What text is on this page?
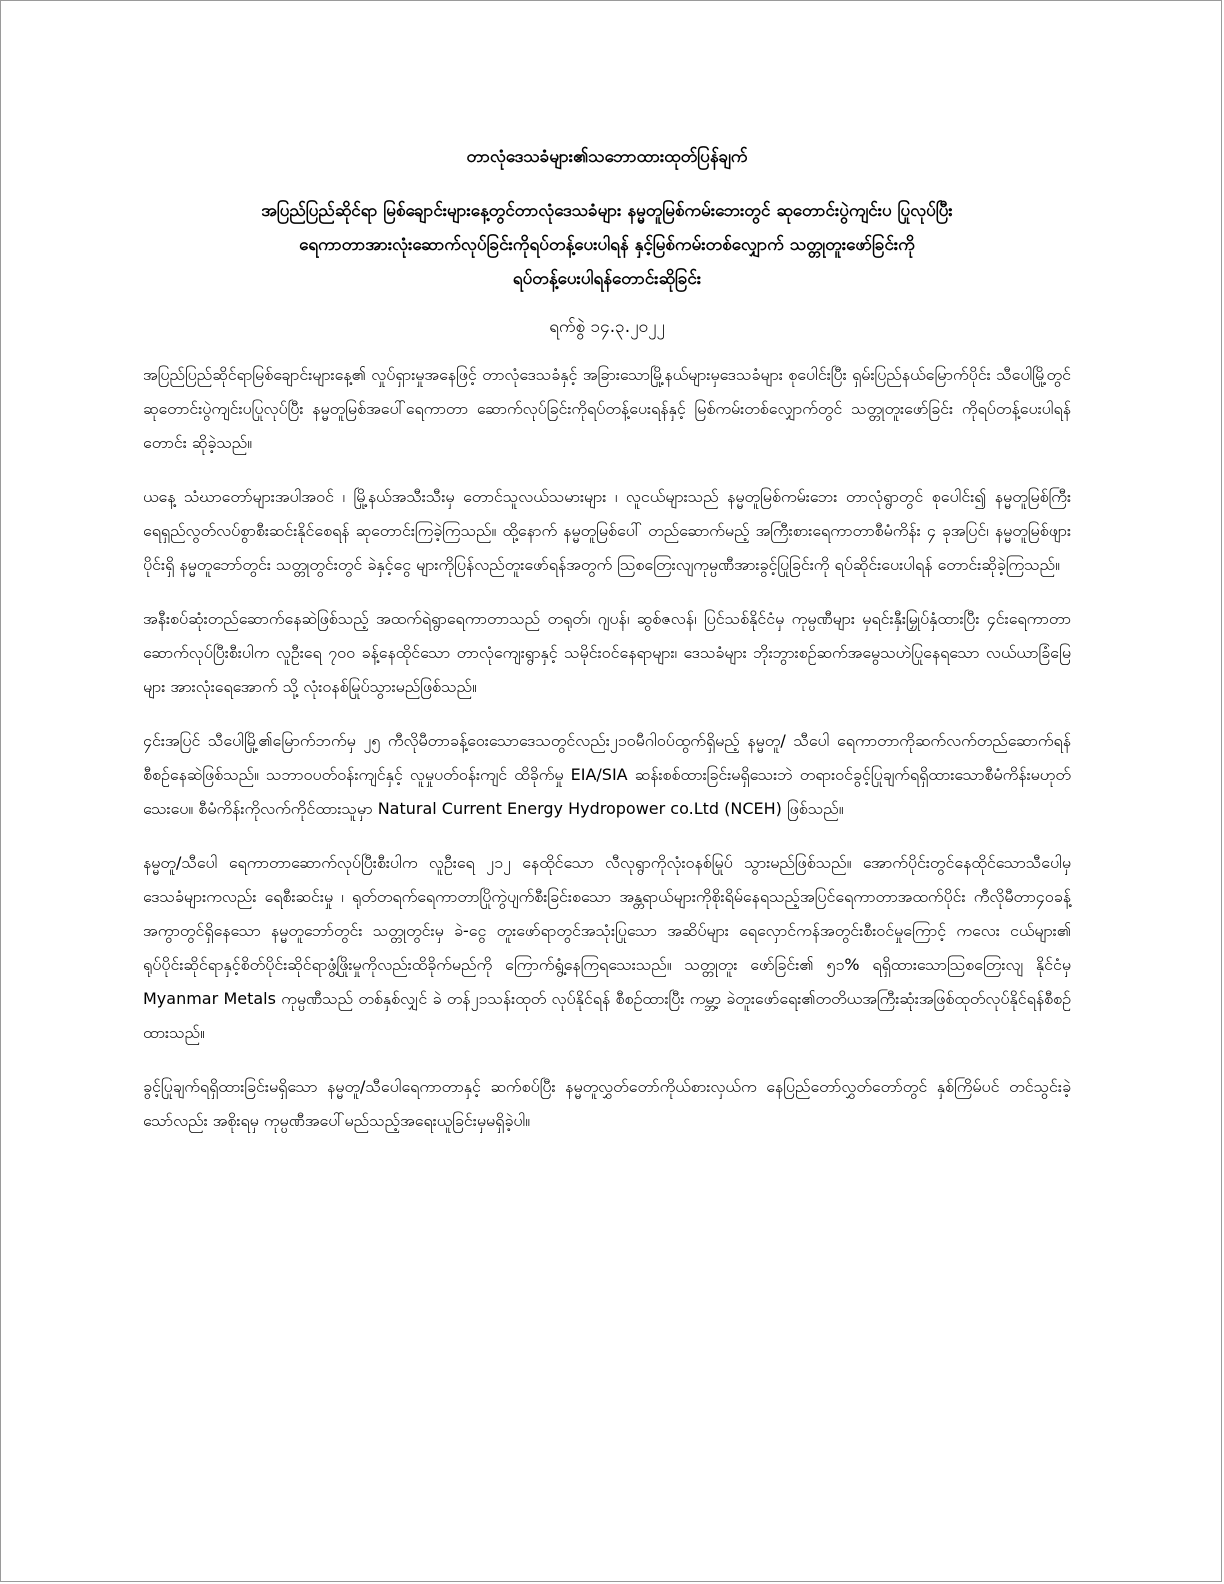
တာလုံဒေသခံများ၏သဘောထားထုတ်ပြန်ချက်
အပြည်ပြည်ဆိုင်ရာ မြစ်ချောင်းများနေ့တွင်တာလုံဒေသခံများ နမ္မတူမြစ်ကမ်းဘေးတွင် ဆုတောင်းပွဲကျင်းပ ပြုလုပ်ပြီး
ရေကာတာအားလုံးဆောက်လုပ်ခြင်းကိုရပ်တန့်ပေးပါရန် နှင့်မြစ်ကမ်းတစ်လျှောက် သတ္တုတူးဖော်ခြင်းကို
ရပ်တန့်ပေးပါရန်တောင်းဆိုခြင်း
ရက်စွဲ ၁၄.၃.၂၀၂၂

အပြည်ပြည်ဆိုင်ရာမြစ်ချောင်းများနေ့၏ လှုပ်ရှားမှုအနေဖြင့် တာလုံဒေသခံနှင့် အခြားသောမြို့နယ်များမှဒေသခံများ စုပေါင်းပြီး ရှမ်းပြည်နယ်မြောက်ပိုင်း သီပေါမြို့တွင် ဆုတောင်းပွဲကျင်းပပြုလုပ်ပြီး နမ္မတူမြစ်အပေါ်ရေကာတာ ဆောက်လုပ်ခြင်းကိုရပ်တန့်ပေးရန်နှင့် မြစ်ကမ်းတစ်လျှောက်တွင် သတ္တုတူးဖော်ခြင်း ကိုရပ်တန့်ပေးပါရန်တောင်း ဆိုခဲ့သည်။

ယနေ့ သံဃာတော်များအပါအဝင် ၊ မြို့နယ်အသီးသီးမှ တောင်သူလယ်သမားများ ၊ လူငယ်များသည် နမ္မတူမြစ်ကမ်းဘေး တာလုံရွာတွင် စုပေါင်း၍ နမ္မတူမြစ်ကြီးရေရှည်လွတ်လပ်စွာစီးဆင်းနိုင်စေရန် ဆုတောင်းကြခဲ့ကြသည်။ ထို့နောက် နမ္မတူမြစ်ပေါ် တည်ဆောက်မည့် အကြီးစားရေကာတာစီမံကိန်း ၄ ခုအပြင်၊ နမ္မတူမြစ်ဖျားပိုင်းရှိ နမ္မတူဘော်တွင်း သတ္တုတွင်းတွင် ခဲနှင့်ငွေ များကိုပြန်လည်တူးဖော်ရန်အတွက် ဩစတြေးလျကုမ္ပဏီအားခွင့်ပြုခြင်းကို ရပ်ဆိုင်းပေးပါရန် တောင်းဆိုခဲ့ကြသည်။

အနီးစပ်ဆုံးတည်ဆောက်နေဆဲဖြစ်သည့် အထက်ရဲရွာရေကာတာသည် တရုတ်၊ ဂျပန်၊ ဆွစ်ဇလန်၊ ပြင်သစ်နိုင်ငံမှ ကုမ္ပဏီများ မှရင်းနှီးမြှုပ်နှံထားပြီး ၄င်းရေကာတာဆောက်လုပ်ပြီးစီးပါက လူဦးရေ ၇၀၀ ခန့်နေထိုင်သော တာလုံကျေးရွာနှင့် သမိုင်းဝင်နေရာများ၊ ဒေသခံများ ဘိုးဘွားစဉ်ဆက်အမွေသဟဲပြုနေရသော လယ်ယာခြံမြေများ အားလုံးရေအောက် သို့ လုံးဝနစ်မြုပ်သွားမည်ဖြစ်သည်။

၄င်းအပြင် သီပေါမြို့၏မြောက်ဘက်မှ ၂၅ ကီလိုမီတာခန့်ဝေးသောဒေသတွင်လည်း၂၁၀မီဂါဝပ်ထွက်ရှိမည့် နမ္မတူ/ သီပေါ ရေကာတာကိုဆက်လက်တည်ဆောက်ရန် စီစဉ်နေဆဲဖြစ်သည်။ သဘာဝပတ်ဝန်းကျင်နှင့် လူမှုပတ်ဝန်းကျင် ထိခိုက်မှု EIA/SIA ဆန်းစစ်ထားခြင်းမရှိသေးဘဲ တရားဝင်ခွင့်ပြုချက်ရရှိထားသောစီမံကိန်းမဟုတ်သေးပေ။ စီမံကိန်းကိုလက်ကိုင်ထားသူမှာ Natural Current Energy Hydropower co.Ltd (NCEH) ဖြစ်သည်။

နမ္မတူ/သီပေါ ရေကာတာဆောက်လုပ်ပြီးစီးပါက လူဦးရေ ၂၁၂ နေထိုင်သော လီလုရွာကိုလုံးဝနစ်မြုပ် သွားမည်ဖြစ်သည်။ အောက်ပိုင်းတွင်နေထိုင်သောသီပေါမှ ဒေသခံများကလည်း ရေစီးဆင်းမှု ၊ ရုတ်တရက်ရေကာတာပြိုကွဲပျက်စီးခြင်းစသော အန္တရာယ်များကိုစိုးရိမ်နေရသည့်အပြင်ရေကာတာအထက်ပိုင်း ကီလိုမီတာ၄၀ခန့်အကွာတွင်ရှိနေသော နမ္မတူဘော်တွင်း သတ္တုတွင်းမှ ခဲ-ငွေ တူးဖော်ရာတွင်အသုံးပြုသော အဆိပ်များ ရေလှောင်ကန်အတွင်းစီးဝင်မှုကြောင့် ကလေး ငယ်များ၏ ရုပ်ပိုင်းဆိုင်ရာနှင့်စိတ်ပိုင်းဆိုင်ရာဖွံ့ဖြိုးမှုကိုလည်းထိခိုက်မည်ကို ကြောက်ရွံ့နေကြရသေးသည်။ သတ္တုတူး ဖော်ခြင်း၏ ၅၁% ရရှိထားသောဩစတြေးလျ နိုင်ငံမှ Myanmar Metals ကုမ္ပဏီသည် တစ်နှစ်လျှင် ခဲ တန်၂၁သန်းထုတ် လုပ်နိုင်ရန် စီစဉ်ထားပြီး ကမ္ဘာ့ ခဲတူးဖော်ရေး၏တတိယအကြီးဆုံးအဖြစ်ထုတ်လုပ်နိုင်ရန်စီစဉ်ထားသည်။

ခွင့်ပြုချက်ရရှိထားခြင်းမရှိသော နမ္မတူ/သီပေါရေကာတာနှင့် ဆက်စပ်ပြီး နမ္မတူလွှတ်တော်ကိုယ်စားလှယ်က နေပြည်တော်လွှတ်တော်တွင် နှစ်ကြိမ်ပင် တင်သွင်းခဲ့သော်လည်း အစိုးရမှ ကုမ္ပဏီအပေါ်မည်သည့်အရေးယူခြင်းမှမရှိခဲ့ပါ။
